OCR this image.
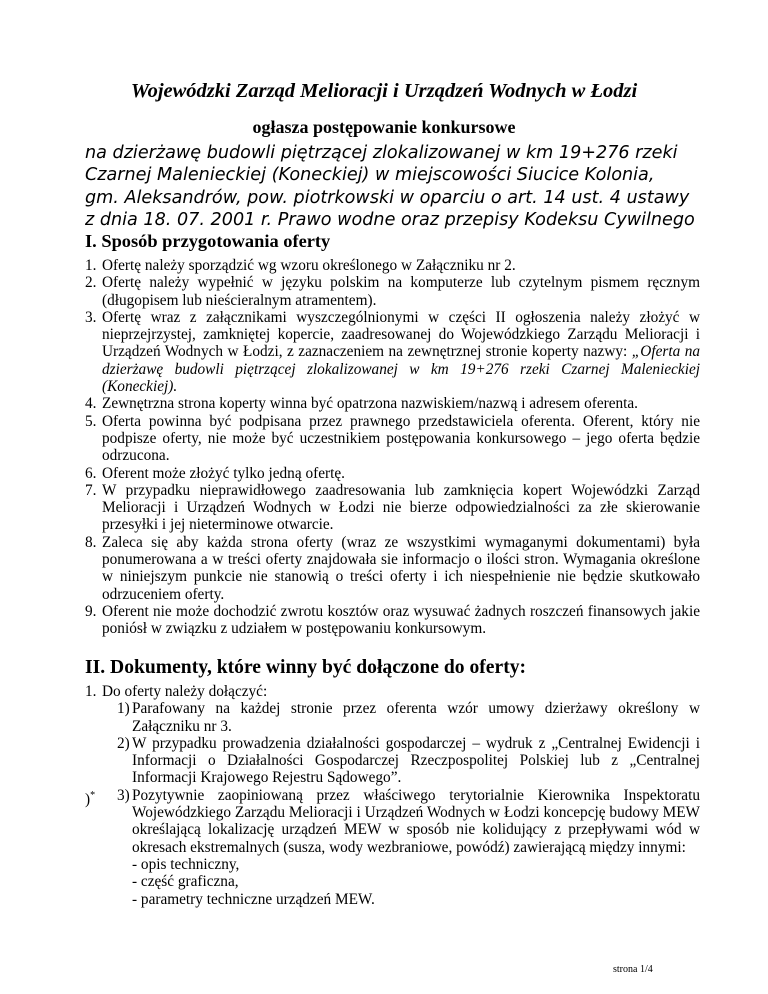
Wojewódzki Zarząd Melioracji i Urządzeń Wodnych w Łodzi
ogłasza postępowanie konkursowe
na dzierżawę budowli piętrzącej zlokalizowanej w km 19+276 rzeki
Czarnej Maleniecki​ej (Koneckiej) w miejscowości Siucice Kolonia,
gm. Aleksandrów, pow. piotrkowski w oparciu o art. 14 ust. 4 ustawy
z dnia 18. 07. 2001 r. Prawo wodne oraz przepisy Kodeksu Cywilnego
I. Sposób przygotowania oferty
1. Ofertę należy sporządzić wg wzoru określonego w Załączniku nr 2.
2. Ofertę należy wypełnić w języku polskim na komputerze lub czytelnym pismem ręcznym (długopisem lub nieścieralnym atramentem).
3. Ofertę wraz z załącznikami wyszczególnionymi w części II ogłoszenia należy złożyć w nieprzejrzystej, zamkniętej kopercie, zaadresowanej do Wojewódzkiego Zarządu Melioracji i Urządzeń Wodnych w Łodzi, z zaznaczeniem na zewnętrznej stronie koperty nazwy: „Oferta na dzierżawę budowli piętrzącej zlokalizowanej w km 19+276 rzeki Czarnej Malenieckiej (Koneckiej).
4. Zewnętrzna strona koperty winna być opatrzona nazwiskiem/nazwą i adresem oferenta.
5. Oferta powinna być podpisana przez prawnego przedstawiciela oferenta. Oferent, który nie podpisze oferty, nie może być uczestnikiem postępowania konkursowego – jego oferta będzie odrzucona.
6. Oferent może złożyć tylko jedną ofertę.
7. W przypadku nieprawidłowego zaadresowania lub zamknięcia kopert Wojewódzki Zarząd Melioracji i Urządzeń Wodnych w Łodzi nie bierze odpowiedzialności za złe skierowanie przesyłki i jej nieterminowe otwarcie.
8. Zaleca się aby każda strona oferty (wraz ze wszystkimi wymaganymi dokumentami) była ponumerowana a w treści oferty znajdowała sie informacjo o ilości stron. Wymagania określone w niniejszym punkcie nie stanowią o treści oferty i ich niespełnienie nie będzie skutkowało odrzuceniem oferty.
9. Oferent nie może dochodzić zwrotu kosztów oraz wysuwać żadnych roszczeń finansowych jakie poniósł w związku z udziałem w postępowaniu konkursowym.
II. Dokumenty, które winny być dołączone do oferty:
1. Do oferty należy dołączyć:
1) Parafowany na każdej stronie przez oferenta wzór umowy dzierżawy określony w Załączniku nr 3.
2) W przypadku prowadzenia działalności gospodarczej – wydruk z „Centralnej Ewidencji i Informacji o Działalności Gospodarczej Rzeczpospolitej Polskiej lub z „Centralnej Informacji Krajowego Rejestru Sądowego”.
)* 3) Pozytywnie zaopiniowaną przez właściwego terytorialnie Kierownika Inspektoratu Wojewódzkiego Zarządu Melioracji i Urządzeń Wodnych w Łodzi koncepcję budowy MEW określającą lokalizację urządzeń MEW w sposób nie kolidujący z przepływami wód w okresach ekstremalnych (susza, wody wezbraniowe, powódź) zawierającą między innymi:
- opis techniczny,
- część graficzna,
- parametry techniczne urządzeń MEW.
strona 1/4
